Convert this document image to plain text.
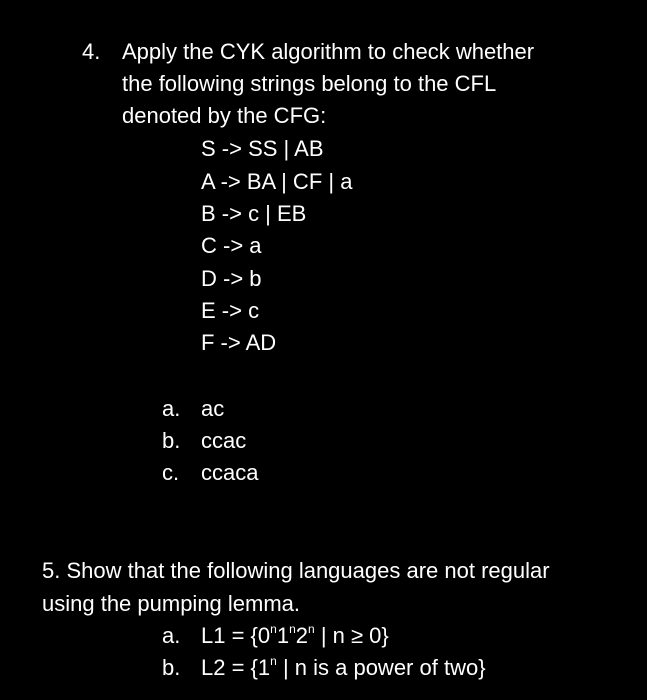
4. Apply the CYK algorithm to check whether
the following strings belong to the CFL
denoted by the CFG:
S -> SS | AB
A -> BA | CF | a
B -> c | EB
C -> a
D -> b
E -> c
F -> AD
a. ac
b. ccac
c. ccaca
5. Show that the following languages are not regular
using the pumping lemma.
a. $L1 = \{0^n1^n2^n$ | n ≥ 0}
b. $L2 = \{1^n$ | n is a power of two}
